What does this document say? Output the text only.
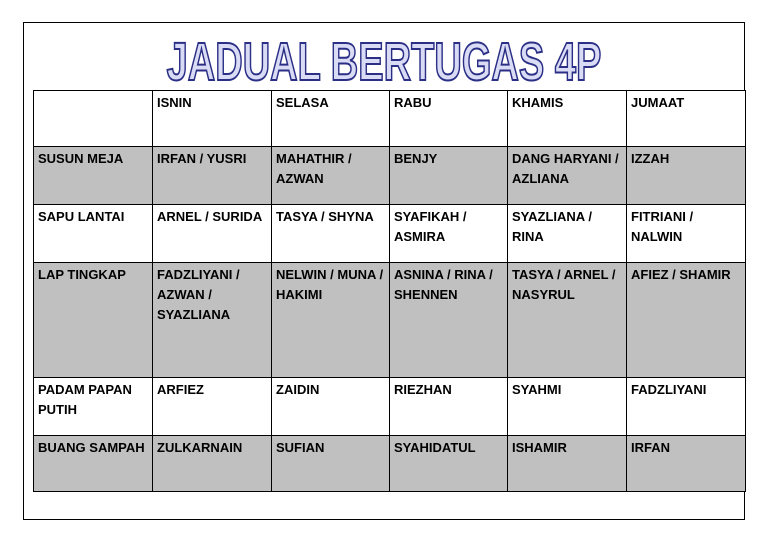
JADUAL BERTUGAS 4P
	ISNIN	SELASA	RABU	KHAMIS	JUMAAT
SUSUN MEJA	IRFAN / YUSRI	MAHATHIR / AZWAN	BENJY	DANG HARYANI / AZLIANA	IZZAH
SAPU LANTAI	ARNEL / SURIDA	TASYA / SHYNA	SYAFIKAH / ASMIRA	SYAZLIANA / RINA	FITRIANI / NALWIN
LAP TINGKAP	FADZLIYANI / AZWAN / SYAZLIANA	NELWIN / MUNA / HAKIMI	ASNINA / RINA / SHENNEN	TASYA / ARNEL / NASYRUL	AFIEZ / SHAMIR
PADAM PAPAN PUTIH	ARFIEZ	ZAIDIN	RIEZHAN	SYAHMI	FADZLIYANI
BUANG SAMPAH	ZULKARNAIN	SUFIAN	SYAHIDATUL	ISHAMIR	IRFAN
